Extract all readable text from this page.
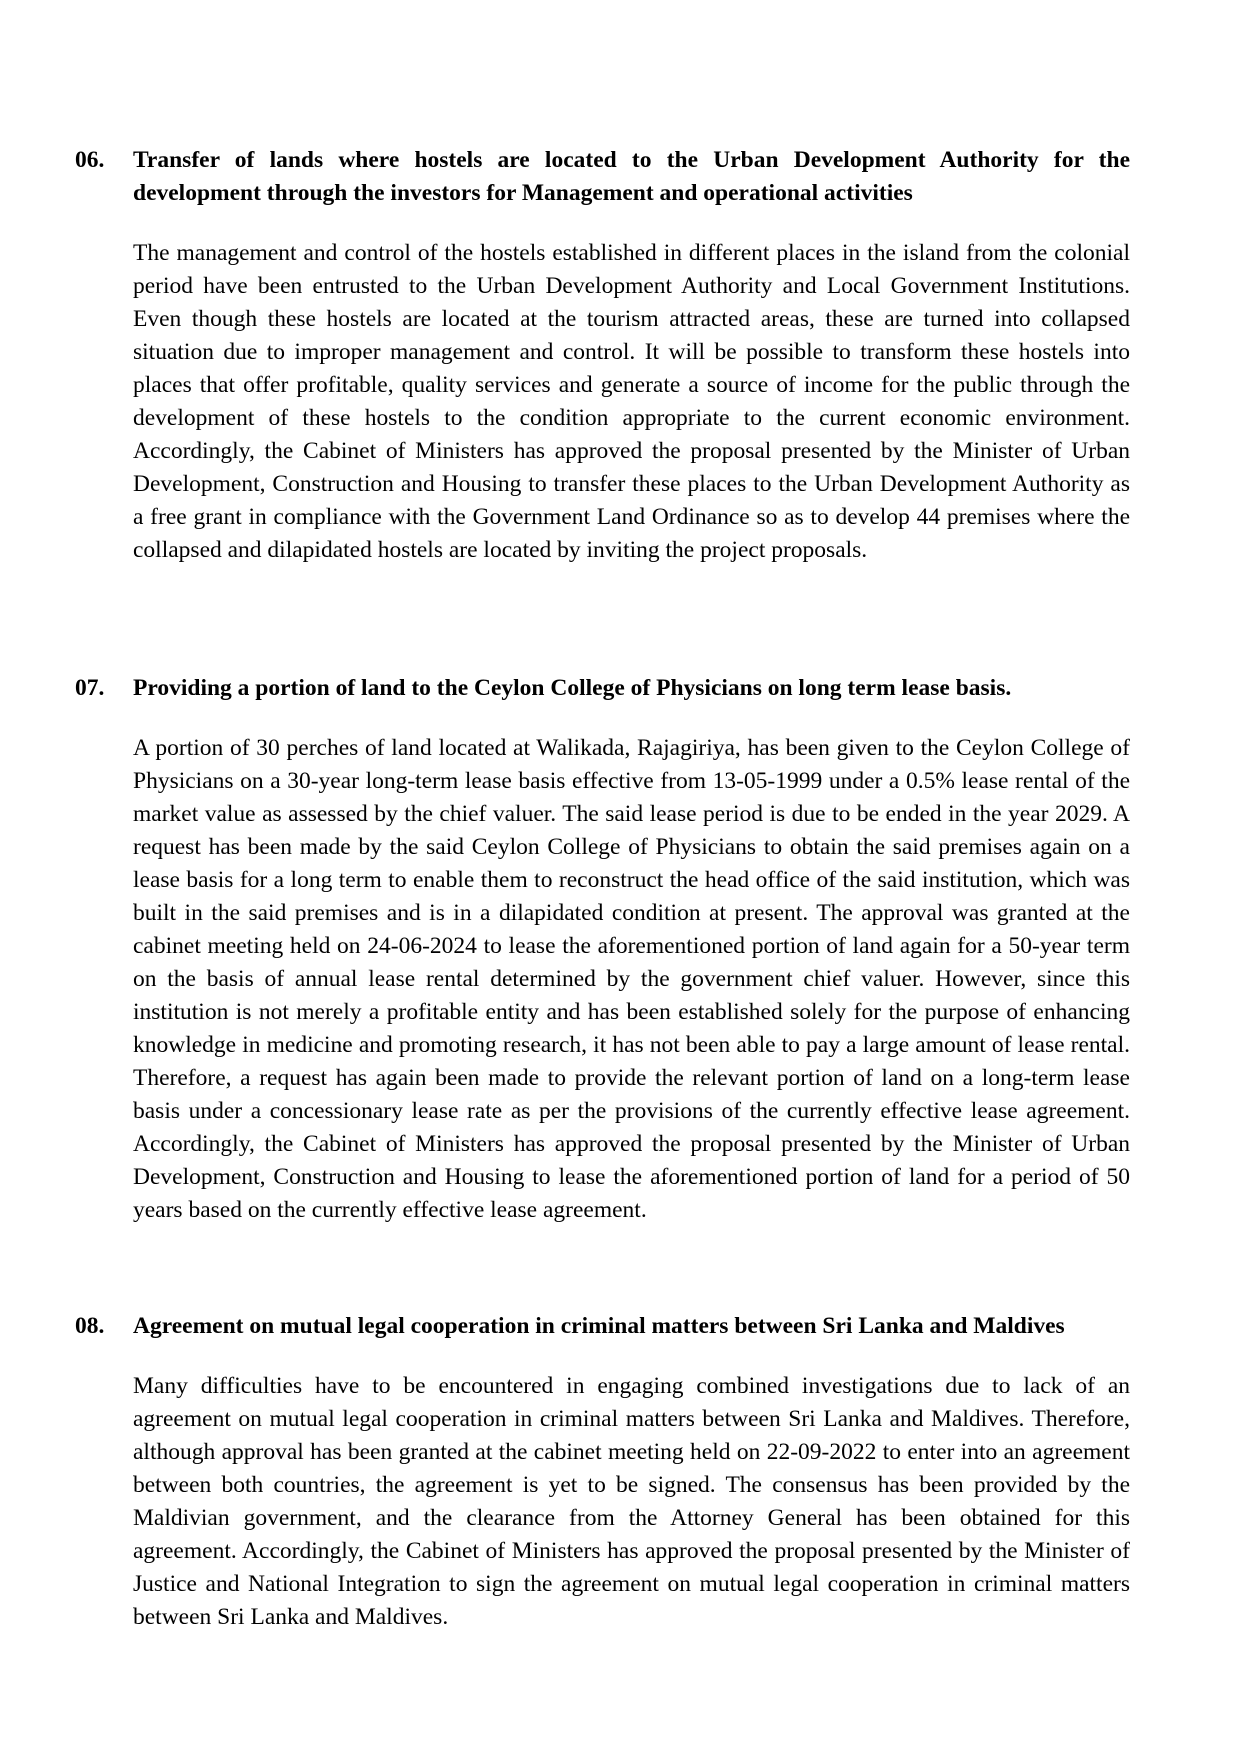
06.	Transfer of lands where hostels are located to the Urban Development Authority for the development through the investors for Management and operational activities
The management and control of the hostels established in different places in the island from the colonial period have been entrusted to the Urban Development Authority and Local Government Institutions. Even though these hostels are located at the tourism attracted areas, these are turned into collapsed situation due to improper management and control. It will be possible to transform these hostels into places that offer profitable, quality services and generate a source of income for the public through the development of these hostels to the condition appropriate to the current economic environment. Accordingly, the Cabinet of Ministers has approved the proposal presented by the Minister of Urban Development, Construction and Housing to transfer these places to the Urban Development Authority as a free grant in compliance with the Government Land Ordinance so as to develop 44 premises where the collapsed and dilapidated hostels are located by inviting the project proposals.
07.	Providing a portion of land to the Ceylon College of Physicians on long term lease basis.
A portion of 30 perches of land located at Walikada, Rajagiriya, has been given to the Ceylon College of Physicians on a 30-year long-term lease basis effective from 13-05-1999 under a 0.5% lease rental of the market value as assessed by the chief valuer. The said lease period is due to be ended in the year 2029. A request has been made by the said Ceylon College of Physicians to obtain the said premises again on a lease basis for a long term to enable them to reconstruct the head office of the said institution, which was built in the said premises and is in a dilapidated condition at present. The approval was granted at the cabinet meeting held on 24-06-2024 to lease the aforementioned portion of land again for a 50-year term on the basis of annual lease rental determined by the government chief valuer. However, since this institution is not merely a profitable entity and has been established solely for the purpose of enhancing knowledge in medicine and promoting research, it has not been able to pay a large amount of lease rental. Therefore, a request has again been made to provide the relevant portion of land on a long-term lease basis under a concessionary lease rate as per the provisions of the currently effective lease agreement. Accordingly, the Cabinet of Ministers has approved the proposal presented by the Minister of Urban Development, Construction and Housing to lease the aforementioned portion of land for a period of 50 years based on the currently effective lease agreement.
08.	Agreement on mutual legal cooperation in criminal matters between Sri Lanka and Maldives
Many difficulties have to be encountered in engaging combined investigations due to lack of an agreement on mutual legal cooperation in criminal matters between Sri Lanka and Maldives. Therefore, although approval has been granted at the cabinet meeting held on 22-09-2022 to enter into an agreement between both countries, the agreement is yet to be signed. The consensus has been provided by the Maldivian government, and the clearance from the Attorney General has been obtained for this agreement. Accordingly, the Cabinet of Ministers has approved the proposal presented by the Minister of Justice and National Integration to sign the agreement on mutual legal cooperation in criminal matters between Sri Lanka and Maldives.
